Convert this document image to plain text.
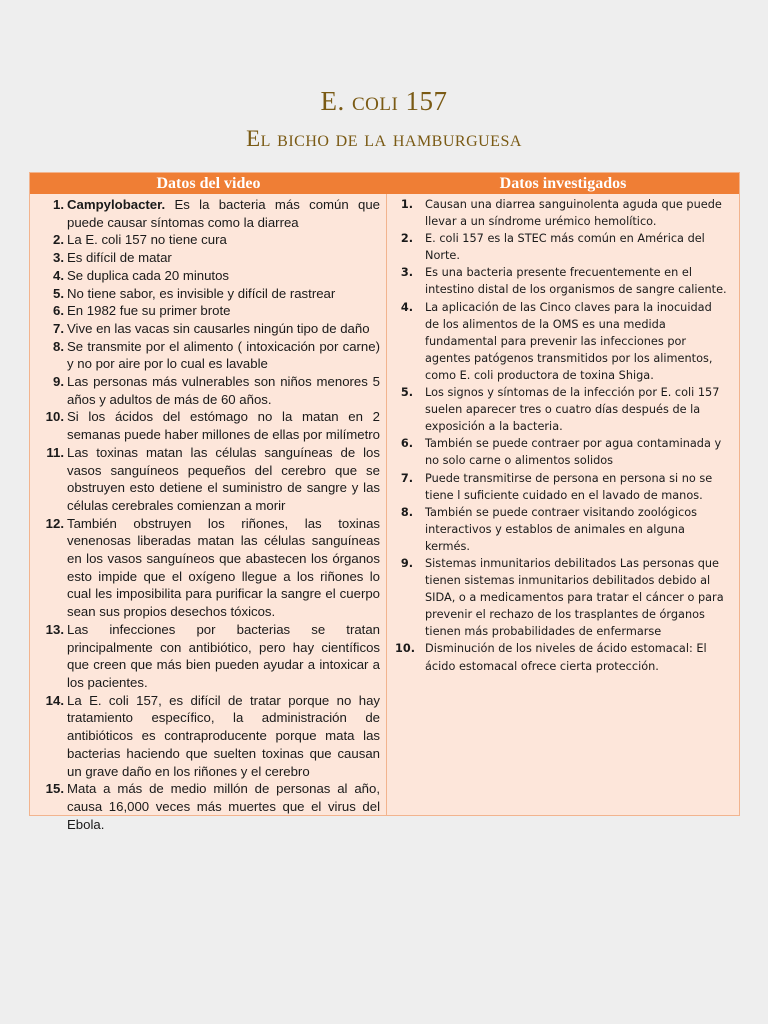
E. coli 157
El bicho de la hamburguesa
Datos del video	Datos investigados
1. Campylobacter. Es la bacteria más común que puede causar síntomas como la diarrea
2. La E. coli 157 no tiene cura
3. Es difícil de matar
4. Se duplica cada 20 minutos
5. No tiene sabor, es invisible y difícil de rastrear
6. En 1982 fue su primer brote
7. Vive en las vacas sin causarles ningún tipo de daño
8. Se transmite por el alimento ( intoxicación por carne) y no por aire por lo cual es lavable
9. Las personas más vulnerables son niños menores 5 años y adultos de más de 60 años.
10. Si los ácidos del estómago no la matan en 2 semanas puede haber millones de ellas por milímetro
11. Las toxinas matan las células sanguíneas de los vasos sanguíneos pequeños del cerebro que se obstruyen esto detiene el suministro de sangre y las células cerebrales comienzan a morir
12. También obstruyen los riñones, las toxinas venenosas liberadas matan las células sanguíneas en los vasos sanguíneos que abastecen los órganos esto impide que el oxígeno llegue a los riñones lo cual les imposibilita para purificar la sangre el cuerpo sean sus propios desechos tóxicos.
13. Las infecciones por bacterias se tratan principalmente con antibiótico, pero hay científicos que creen que más bien pueden ayudar a intoxicar a los pacientes.
14. La E. coli 157, es difícil de tratar porque no hay tratamiento específico, la administración de antibióticos es contraproducente porque mata las bacterias haciendo que suelten toxinas que causan un grave daño en los riñones y el cerebro
15. Mata a más de medio millón de personas al año, causa 16,000 veces más muertes que el virus del Ebola.
1. Causan una diarrea sanguinolenta aguda que puede llevar a un síndrome urémico hemolítico.
2. E. coli 157 es la STEC más común en América del Norte.
3. Es una bacteria presente frecuentemente en el intestino distal de los organismos de sangre caliente.
4. La aplicación de las Cinco claves para la inocuidad de los alimentos de la OMS es una medida fundamental para prevenir las infecciones por agentes patógenos transmitidos por los alimentos, como E. coli productora de toxina Shiga.
5. Los signos y síntomas de la infección por E. coli 157 suelen aparecer tres o cuatro días después de la exposición a la bacteria.
6. También se puede contraer por agua contaminada y no solo carne o alimentos solidos
7. Puede transmitirse de persona en persona si no se tiene l suficiente cuidado en el lavado de manos.
8. También se puede contraer visitando zoológicos interactivos y establos de animales en alguna kermés.
9. Sistemas inmunitarios debilitados Las personas que tienen sistemas inmunitarios debilitados debido al SIDA, o a medicamentos para tratar el cáncer o para prevenir el rechazo de los trasplantes de órganos tienen más probabilidades de enfermarse
10. Disminución de los niveles de ácido estomacal: El ácido estomacal ofrece cierta protección.
